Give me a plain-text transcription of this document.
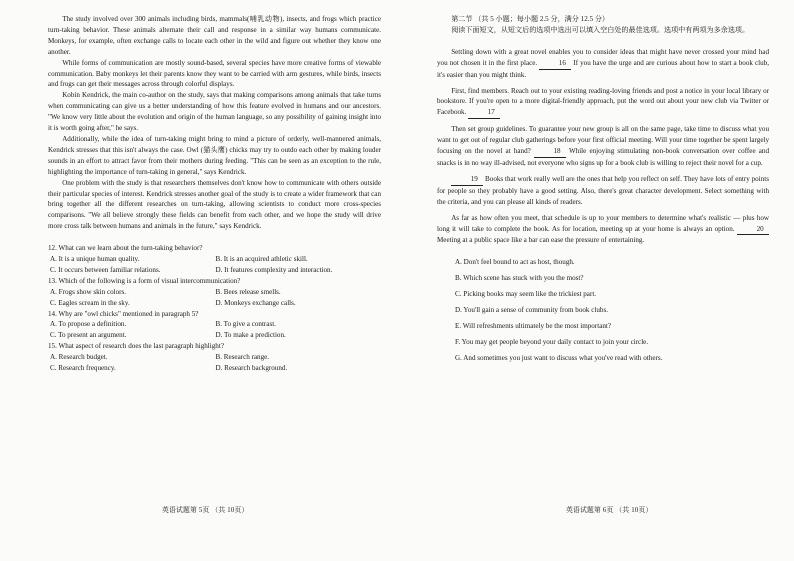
The study involved over 300 animals including birds, mammals(哺乳动物), insects, and frogs which practice turn-taking behavior. These animals alternate their call and response in a similar way humans communicate. Monkeys, for example, often exchange calls to locate each other in the wild and figure out whether they know one another.

While forms of communication are mostly sound-based, several species have more creative forms of viewable communication. Baby monkeys let their parents know they want to be carried with arm gestures, while birds, insects and frogs can get their messages across through colorful displays.

Kobin Kendrick, the main co-author on the study, says that making comparisons among animals that take turns when communicating can give us a better understanding of how this feature evolved in humans and our ancestors. "We know very little about the evolution and origin of the human language, so any possibility of gaining insight into it is worth going after," he says.

Additionally, while the idea of turn-taking might bring to mind a picture of orderly, well-mannered animals, Kendrick stresses that this isn't always the case. Owl (猫头鹰) chicks may try to outdo each other by making louder sounds in an effort to attract favor from their mothers during feeding. "This can be seen as an exception to the rule, highlighting the importance of turn-taking in general," says Kendrick.

One problem with the study is that researchers themselves don't know how to communicate with others outside their particular species of interest. Kendrick stresses another goal of the study is to create a wider framework that can bring together all the different researches on turn-taking, allowing scientists to conduct more cross-species comparisons. "We all believe strongly these fields can benefit from each other, and we hope the study will drive more cross talk between humans and animals in the future," says Kendrick.

12. What can we learn about the turn-taking behavior?

A. It is a unique human quality.	B. It is an acquired athletic skill.
C. It occurs between familiar relations.	D. It features complexity and interaction.

13. Which of the following is a form of visual intercommunication?

A. Frogs show skin colors.	B. Bees release smells.
C. Eagles scream in the sky.	D. Monkeys exchange calls.

14. Why are "owl chicks" mentioned in paragraph 5?

A. To propose a definition.	B. To give a contrast.
C. To present an argument.	D. To make a prediction.

15. What aspect of research does the last paragraph highlight?

A. Research budget.	B. Research range.
C. Research frequency.	D. Research background.
英语试题第 5页 （共 10页）

第二节 （共 5 小题；每小题 2.5 分，满分 12.5 分）

阅读下面短文，从短文后的选项中选出可以填入空白处的最佳选项。选项中有两项为多余选项。

Settling down with a great novel enables you to consider ideas that might have never crossed your mind had you not chosen it in the first place.	16 If you have the urge and are curious about how to start a book club, it's easier than you might think.

First, find members. Reach out to your existing reading-loving friends and post a notice in your local library or bookstore. If you're open to a more digital-friendly approach, put the word out about your new club via Twitter or Facebook.	17

Then set group guidelines. To guarantee your new group is all on the same page, take time to discuss what you want to get out of regular club gatherings before your first official meeting. Will your time together be spent largely focusing on the novel at hand?	18 While enjoying stimulating non-book conversation over coffee and snacks is in no way ill-advised, not everyone who signs up for a book club is willing to reject their novel for a cup.

19 Books that work really well are the ones that help you reflect on self. They have lots of entry points for people so they probably have a good setting. Also, there's great character development. Select something with the criteria, and you can please all kinds of readers.

As far as how often you meet, that schedule is up to your members to determine what's realistic — plus how long it will take to complete the book. As for location, meeting up at your home is always an option.	20 Meeting at a public space like a bar can ease the pressure of entertaining.

A. Don't feel bound to act as host, though.

B. Which scene has stuck with you the most?

C. Picking books may seem like the trickiest part.

D. You'll gain a sense of community from book clubs.

E. Will refreshments ultimately be the most important?

F. You may get people beyond your daily contact to join your circle.

G. And sometimes you just want to discuss what you've read with others.

英语试题第 6页 （共 10页）
